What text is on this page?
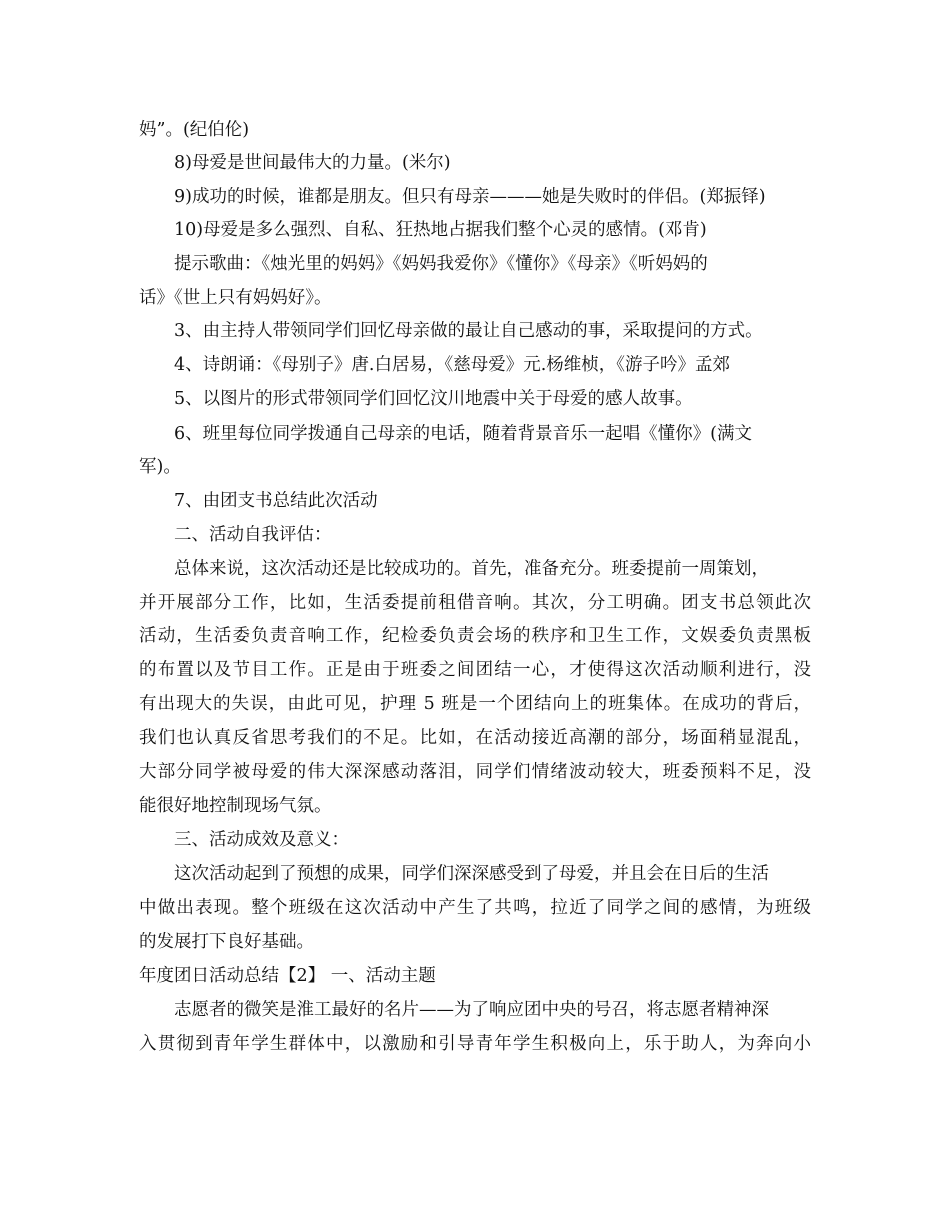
妈”。(纪伯伦)
8)母爱是世间最伟大的力量。(米尔)
9)成功的时候，谁都是朋友。但只有母亲———她是失败时的伴侣。(郑振铎)
10)母爱是多么强烈、自私、狂热地占据我们整个心灵的感情。(邓肯)
提示歌曲：《烛光里的妈妈》《妈妈我爱你》《懂你》《母亲》《听妈妈的
话》《世上只有妈妈好》。
3、由主持人带领同学们回忆母亲做的最让自己感动的事，采取提问的方式。
4、诗朗诵：《母别子》唐.白居易，《慈母爱》元.杨维桢，《游子吟》孟郊
5、以图片的形式带领同学们回忆汶川地震中关于母爱的感人故事。
6、班里每位同学拨通自己母亲的电话，随着背景音乐一起唱《懂你》(满文
军)。
7、由团支书总结此次活动
二、活动自我评估：
总体来说，这次活动还是比较成功的。首先，准备充分。班委提前一周策划，
并开展部分工作，比如，生活委提前租借音响。其次，分工明确。团支书总领此次
活动，生活委负责音响工作，纪检委负责会场的秩序和卫生工作，文娱委负责黑板
的布置以及节目工作。正是由于班委之间团结一心，才使得这次活动顺利进行，没
有出现大的失误，由此可见，护理 5 班是一个团结向上的班集体。在成功的背后，
我们也认真反省思考我们的不足。比如，在活动接近高潮的部分，场面稍显混乱，
大部分同学被母爱的伟大深深感动落泪，同学们情绪波动较大，班委预料不足，没
能很好地控制现场气氛。
三、活动成效及意义：
这次活动起到了预想的成果，同学们深深感受到了母爱，并且会在日后的生活
中做出表现。整个班级在这次活动中产生了共鸣，拉近了同学之间的感情，为班级
的发展打下良好基础。
年度团日活动总结【2】 一、活动主题
志愿者的微笑是淮工最好的名片——为了响应团中央的号召，将志愿者精神深
入贯彻到青年学生群体中，以激励和引导青年学生积极向上，乐于助人，为奔向小
